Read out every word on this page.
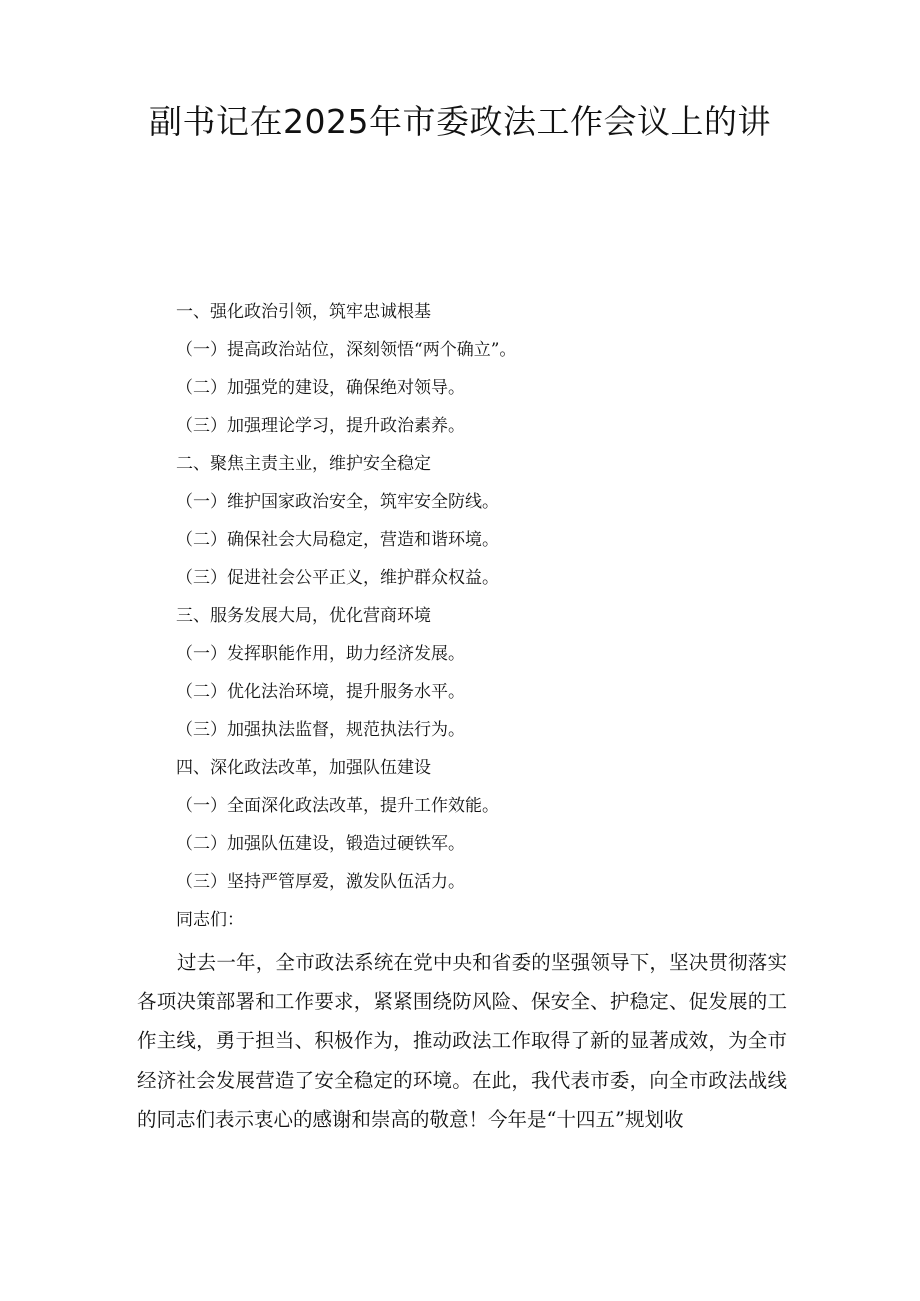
副书记在2025年市委政法工作会议上的讲
一、强化政治引领，筑牢忠诚根基
（一）提高政治站位，深刻领悟“两个确立”。
（二）加强党的建设，确保绝对领导。
（三）加强理论学习，提升政治素养。
二、聚焦主责主业，维护安全稳定
（一）维护国家政治安全，筑牢安全防线。
（二）确保社会大局稳定，营造和谐环境。
（三）促进社会公平正义，维护群众权益。
三、服务发展大局，优化营商环境
（一）发挥职能作用，助力经济发展。
（二）优化法治环境，提升服务水平。
（三）加强执法监督，规范执法行为。
四、深化政法改革，加强队伍建设
（一）全面深化政法改革，提升工作效能。
（二）加强队伍建设，锻造过硬铁军。
（三）坚持严管厚爱，激发队伍活力。

同志们：

过去一年，全市政法系统在党中央和省委的坚强领导下，坚决贯彻落实各项决策部署和工作要求，紧紧围绕防风险、保安全、护稳定、促发展的工作主线，勇于担当、积极作为，推动政法工作取得了新的显著成效，为全市经济社会发展营造了安全稳定的环境。在此，我代表市委，向全市政法战线的同志们表示衷心的感谢和崇高的敬意！今年是“十四五”规划收
